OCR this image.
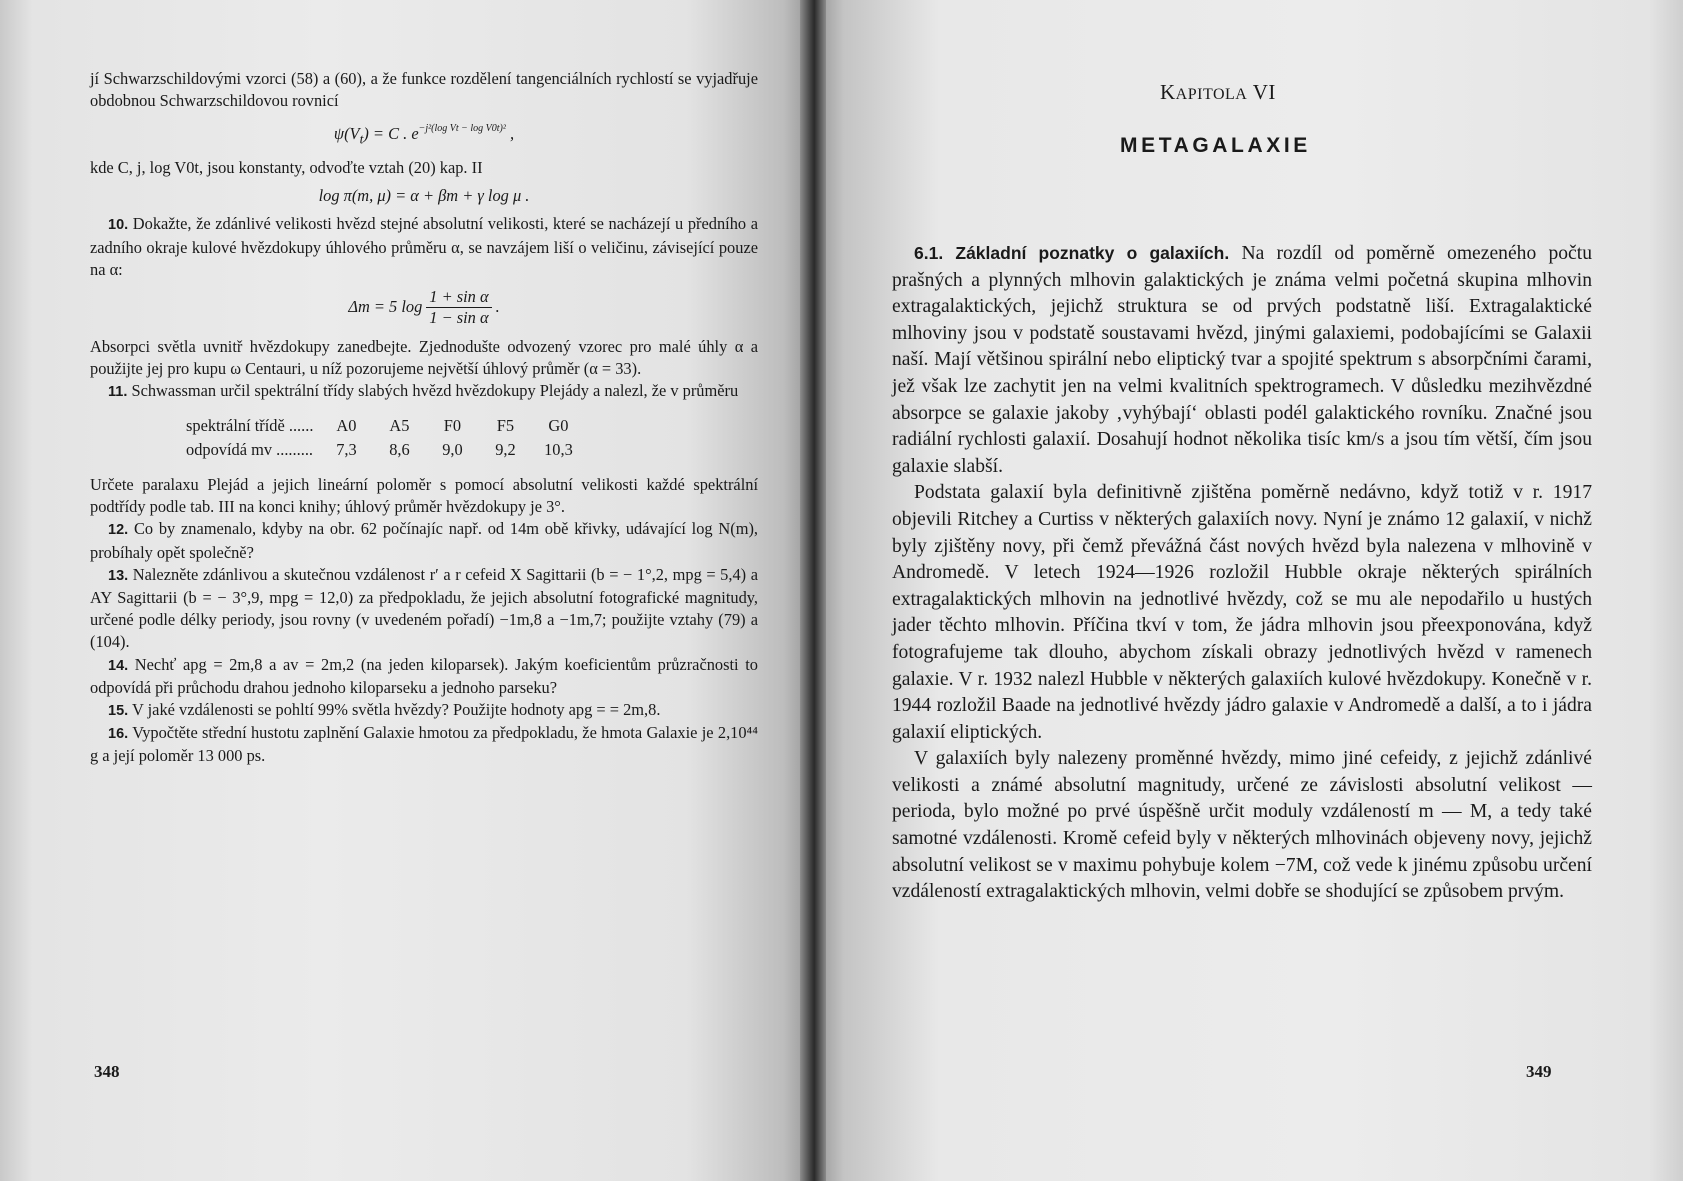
jí Schwarzschildovými vzorci (58) a (60), a že funkce rozdělení tangenciálních rychlostí se vyjadřuje obdobnou Schwarzschildovou rovnicí

$\psi(V_t) = C$ . $e^{-j^2(log Vt - log V0t)^2}$ ,

kde C, j, log V0t, jsou konstanty, odvoďte vztah (20) kap. II

log π(m, μ) = α + βm + γ log μ .

10. Dokažte, že zdánlivé velikosti hvězd stejné absolutní velikosti, které se nacházejí u předního a zadního okraje kulové hvězdokupy úhlového průměru α, se navzájem liší o veličinu, závisející pouze na α:

Δm = 5 $\log \frac{\text{1 + sin α}}{\text{1 − sin α}}$ .

Absorpci světla uvnitř hvězdokupy zanedbejte. Zjednodušte odvozený vzorec pro malé úhly α a použijte jej pro kupu ω Centauri, u níž pozorujeme největší úhlový průměr (α = 33).

11. Schwassman určil spektrální třídy slabých hvězd hvězdokupy Plejády a nalezl, že v průměru

spektrální třídě ......	A0	A5	F0	F5	G0
odpovídá mv .........	7,3	8,6	9,0	9,2	10,3

Určete paralaxu Plejád a jejich lineární poloměr s pomocí absolutní velikosti každé spektrální podtřídy podle tab. III na konci knihy; úhlový průměr hvězdokupy je 3°.

12. Co by znamenalo, kdyby na obr. 62 počínajíc např. od 14m obě křivky, udávající log N(m), probíhaly opět společně?

13. Nalezněte zdánlivou a skutečnou vzdálenost r′ a r cefeid X Sagittarii (b = − 1°,2, mpg = 5,4) a AY Sagittarii (b = − 3°,9, mpg = 12,0) za předpokladu, že jejich absolutní fotografické magnitudy, určené podle délky periody, jsou rovny (v uvedeném pořadí) −1m,8 a −1m,7; použijte vztahy (79) a (104).

14. Nechť apg = 2m,8 a av = 2m,2 (na jeden kiloparsek). Jakým koeficientům průzračnosti to odpovídá při průchodu drahou jednoho kiloparseku a jednoho parseku?

15. V jaké vzdálenosti se pohltí 99% světla hvězdy? Použijte hodnoty apg = = 2m,8.

16. Vypočtěte střední hustotu zaplnění Galaxie hmotou za předpokladu, že hmota Galaxie je 2,10⁴⁴ g a její poloměr 13 000 ps.

348
KAPITOLA VI
METAGALAXIE

6.1. Základní poznatky o galaxiích. Na rozdíl od poměrně omezeného počtu prašných a plynných mlhovin galaktických je známa velmi početná skupina mlhovin extragalaktických, jejichž struktura se od prvých podstatně liší. Extragalaktické mlhoviny jsou v podstatě soustavami hvězd, jinými galaxiemi, podobajícími se Galaxii naší. Mají většinou spirální nebo eliptický tvar a spojité spektrum s absorpčními čarami, jež však lze zachytit jen na velmi kvalitních spektrogramech. V důsledku mezihvězdné absorpce se galaxie jakoby ‚vyhýbají‘ oblasti podél galaktického rovníku. Značné jsou radiální rychlosti galaxií. Dosahují hodnot několika tisíc km/s a jsou tím větší, čím jsou galaxie slabší.

Podstata galaxií byla definitivně zjištěna poměrně nedávno, když totiž v r. 1917 objevili Ritchey a Curtiss v některých galaxiích novy. Nyní je známo 12 galaxií, v nichž byly zjištěny novy, při čemž převážná část nových hvězd byla nalezena v mlhovině v Andromedě. V letech 1924—1926 rozložil Hubble okraje některých spirálních extragalaktických mlhovin na jednotlivé hvězdy, což se mu ale nepodařilo u hustých jader těchto mlhovin. Příčina tkví v tom, že jádra mlhovin jsou přeexponována, když fotografujeme tak dlouho, abychom získali obrazy jednotlivých hvězd v ramenech galaxie. V r. 1932 nalezl Hubble v některých galaxiích kulové hvězdokupy. Konečně v r. 1944 rozložil Baade na jednotlivé hvězdy jádro galaxie v Andromedě a další, a to i jádra galaxií eliptických.

V galaxiích byly nalezeny proměnné hvězdy, mimo jiné cefeidy, z jejichž zdánlivé velikosti a známé absolutní magnitudy, určené ze závislosti absolutní velikost — perioda, bylo možné po prvé úspěšně určit moduly vzdáleností m — M, a tedy také samotné vzdálenosti. Kromě cefeid byly v některých mlhovinách objeveny novy, jejichž absolutní velikost se v maximu pohybuje kolem −7M, což vede k jinému způsobu určení vzdáleností extragalaktických mlhovin, velmi dobře se shodující se způsobem prvým.

349
